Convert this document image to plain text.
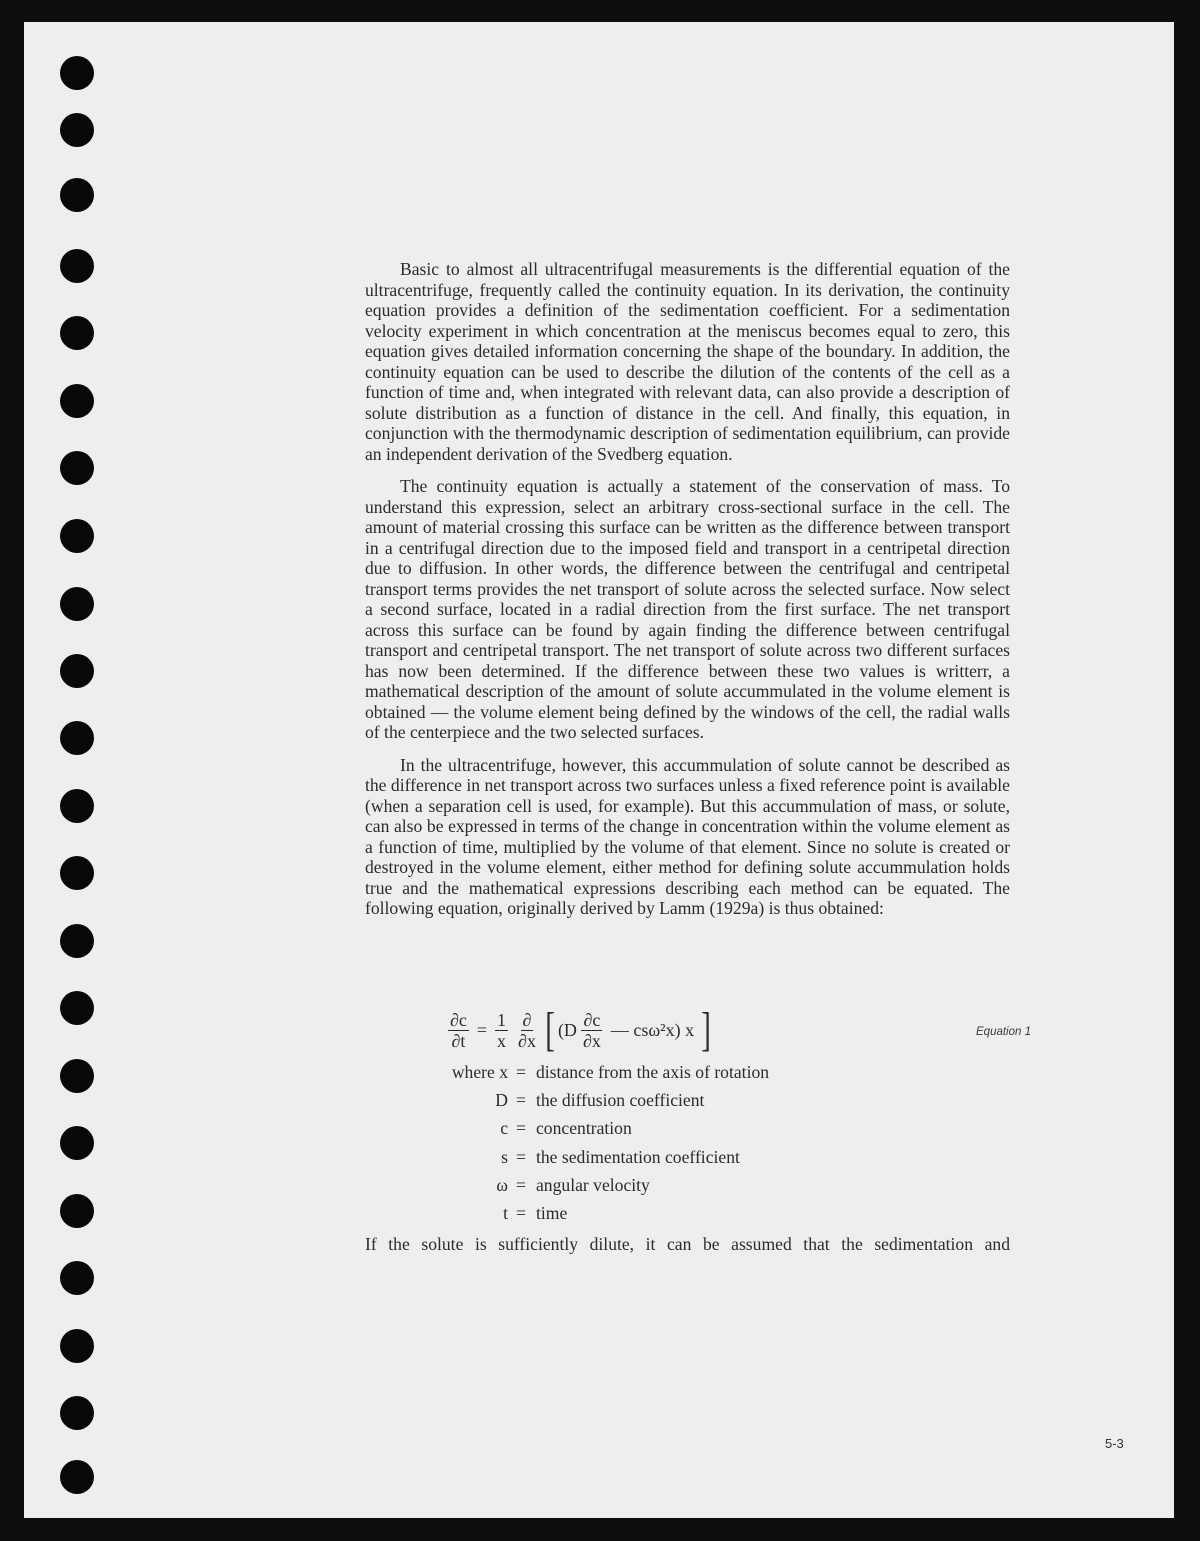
Basic to almost all ultracentrifugal measurements is the differential equation of the ultracentrifuge, frequently called the continuity equation. In its derivation, the continuity equation provides a definition of the sedimentation coefficient. For a sedimentation velocity experiment in which concentration at the meniscus becomes equal to zero, this equation gives detailed information concerning the shape of the boundary. In addition, the continuity equation can be used to describe the dilution of the contents of the cell as a function of time and, when integrated with relevant data, can also provide a description of solute distribution as a function of distance in the cell. And finally, this equation, in conjunction with the thermodynamic description of sedimentation equilibrium, can provide an independent derivation of the Svedberg equation.

The continuity equation is actually a statement of the conservation of mass. To understand this expression, select an arbitrary cross-sectional surface in the cell. The amount of material crossing this surface can be written as the difference between transport in a centrifugal direction due to the imposed field and transport in a centripetal direction due to diffusion. In other words, the difference between the centrifugal and centripetal transport terms provides the net transport of solute across the selected surface. Now select a second surface, located in a radial direction from the first surface. The net transport across this surface can be found by again finding the difference between centrifugal transport and centripetal transport. The net transport of solute across two different surfaces has now been determined. If the difference between these two values is writterr, a mathematical description of the amount of solute accummulated in the volume element is obtained — the volume element being defined by the windows of the cell, the radial walls of the centerpiece and the two selected surfaces.

In the ultracentrifuge, however, this accummulation of solute cannot be described as the difference in net transport across two surfaces unless a fixed reference point is available (when a separation cell is used, for example). But this accummulation of mass, or solute, can also be expressed in terms of the change in concentration within the volume element as a function of time, multiplied by the volume of that element. Since no solute is created or destroyed in the volume element, either method for defining solute accummulation holds true and the mathematical expressions describing each method can be equated. The following equation, originally derived by Lamm (1929a) is thus obtained:

$\frac{\partial c}{\partial t} = \frac{1}{x} \frac{\partial}{\partial x}$ [ ($D \frac{\partial c}{\partial x}$ — csω²x) x ]	Equation 1
where x = distance from the axis of rotation
D = the diffusion coefficient
c = concentration
s = the sedimentation coefficient
ω = angular velocity
t = time
If the solute is sufficiently dilute, it can be assumed that the sedimentation and
5-3
